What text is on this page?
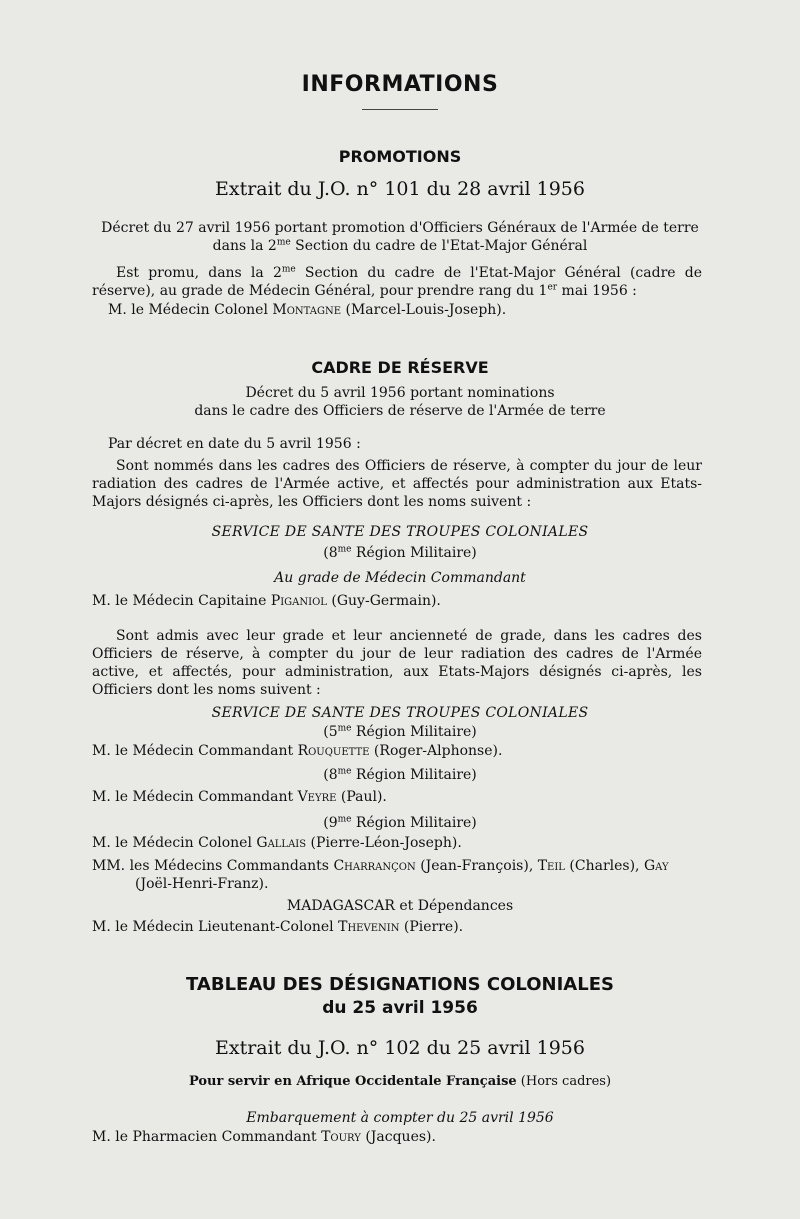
INFORMATIONS
PROMOTIONS
Extrait du J.O. n° 101 du 28 avril 1956
Décret du 27 avril 1956 portant promotion d'Officiers Généraux de l'Armée de terre
dans la $2^{me}$ Section du cadre de l'Etat-Major Général
Est promu, dans la $2^{me}$ Section du cadre de l'Etat-Major Général (cadre de réserve), au grade de Médecin Général, pour prendre rang du 1er mai 1956 :
M. le Médecin Colonel Montagne (Marcel-Louis-Joseph).
CADRE DE RÉSERVE
Décret du 5 avril 1956 portant nominations
dans le cadre des Officiers de réserve de l'Armée de terre
Par décret en date du 5 avril 1956 :
Sont nommés dans les cadres des Officiers de réserve, à compter du jour de leur radiation des cadres de l'Armée active, et affectés pour administration aux Etats-Majors désignés ci-après, les Officiers dont les noms suivent :
SERVICE DE SANTE DES TROUPES COLONIALES
($8^{me}$ Région Militaire)
Au grade de Médecin Commandant
M. le Médecin Capitaine Piganiol (Guy-Germain).
Sont admis avec leur grade et leur ancienneté de grade, dans les cadres des Officiers de réserve, à compter du jour de leur radiation des cadres de l'Armée active, et affectés, pour administration, aux Etats-Majors désignés ci-après, les Officiers dont les noms suivent :
SERVICE DE SANTE DES TROUPES COLONIALES
($5^{me}$ Région Militaire)
M. le Médecin Commandant Rouquette (Roger-Alphonse).
($8^{me}$ Région Militaire)
M. le Médecin Commandant Veyre (Paul).
($9^{me}$ Région Militaire)
M. le Médecin Colonel Gallais (Pierre-Léon-Joseph).
MM. les Médecins Commandants Charrançon (Jean-François), Teil (Charles), Gay
(Joël-Henri-Franz).
MADAGASCAR et Dépendances
M. le Médecin Lieutenant-Colonel Thevenin (Pierre).
TABLEAU DES DÉSIGNATIONS COLONIALES
du 25 avril 1956
Extrait du J.O. n° 102 du 25 avril 1956
Pour servir en Afrique Occidentale Française (Hors cadres)
Embarquement à compter du 25 avril 1956
M. le Pharmacien Commandant Toury (Jacques).
